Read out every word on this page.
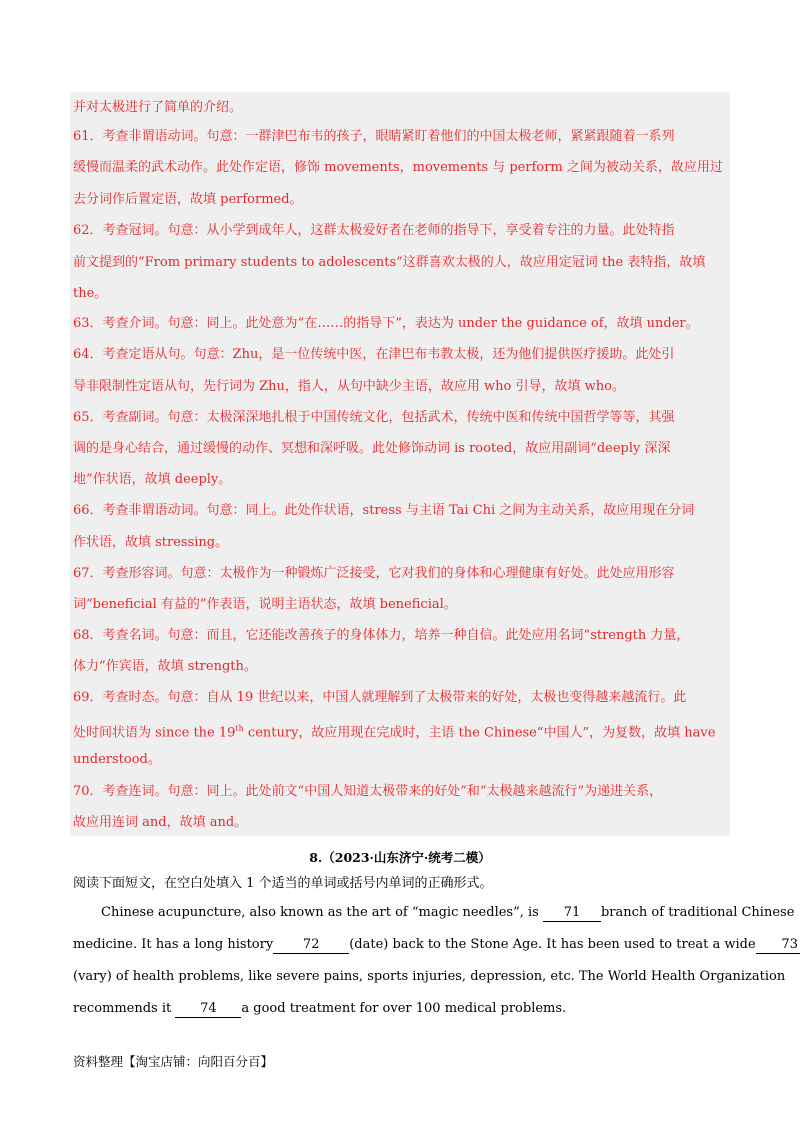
并对太极进行了简单的介绍。
61．考查非谓语动词。句意：一群津巴布韦的孩子，眼睛紧盯着他们的中国太极老师，紧紧跟随着一系列
缓慢而温柔的武术动作。此处作定语，修饰 movements，movements 与 perform 之间为被动关系，故应用过
去分词作后置定语，故填 performed。
62．考查冠词。句意：从小学到成年人，这群太极爱好者在老师的指导下，享受着专注的力量。此处特指
前文提到的“From primary students to adolescents”这群喜欢太极的人，故应用定冠词 the 表特指，故填
the。
63．考查介词。句意：同上。此处意为“在……的指导下”，表达为 under the guidance of，故填 under。
64．考查定语从句。句意：Zhu，是一位传统中医，在津巴布韦教太极，还为他们提供医疗援助。此处引
导非限制性定语从句，先行词为 Zhu，指人，从句中缺少主语，故应用 who 引导，故填 who。
65．考查副词。句意：太极深深地扎根于中国传统文化，包括武术，传统中医和传统中国哲学等等，其强
调的是身心结合，通过缓慢的动作、冥想和深呼吸。此处修饰动词 is rooted，故应用副词“deeply 深深
地”作状语，故填 deeply。
66．考查非谓语动词。句意：同上。此处作状语，stress 与主语 Tai Chi 之间为主动关系，故应用现在分词
作状语，故填 stressing。
67．考查形容词。句意：太极作为一种锻炼广泛接受，它对我们的身体和心理健康有好处。此处应用形容
词“beneficial 有益的”作表语，说明主语状态，故填 beneficial。
68．考查名词。句意：而且，它还能改善孩子的身体体力，培养一种自信。此处应用名词“strength 力量，
体力”作宾语，故填 strength。
69．考查时态。句意：自从 19 世纪以来，中国人就理解到了太极带来的好处，太极也变得越来越流行。此
处时间状语为 since the 19th century，故应用现在完成时，主语 the Chinese“中国人”，为复数，故填 have
understood。
70．考查连词。句意：同上。此处前文“中国人知道太极带来的好处”和“太极越来越流行”为递进关系，
故应用连词 and，故填 and。
8.（2023·山东济宁·统考二模）
阅读下面短文，在空白处填入 1 个适当的单词或括号内单词的正确形式。
Chinese acupuncture, also known as the art of “magic needles”, is 71 branch of traditional Chinese
medicine. It has a long history 72 (date) back to the Stone Age. It has been used to treat a wide 73
(vary) of health problems, like severe pains, sports injuries, depression, etc. The World Health Organization
recommends it 74 a good treatment for over 100 medical problems.
资料整理【淘宝店铺：向阳百分百】
